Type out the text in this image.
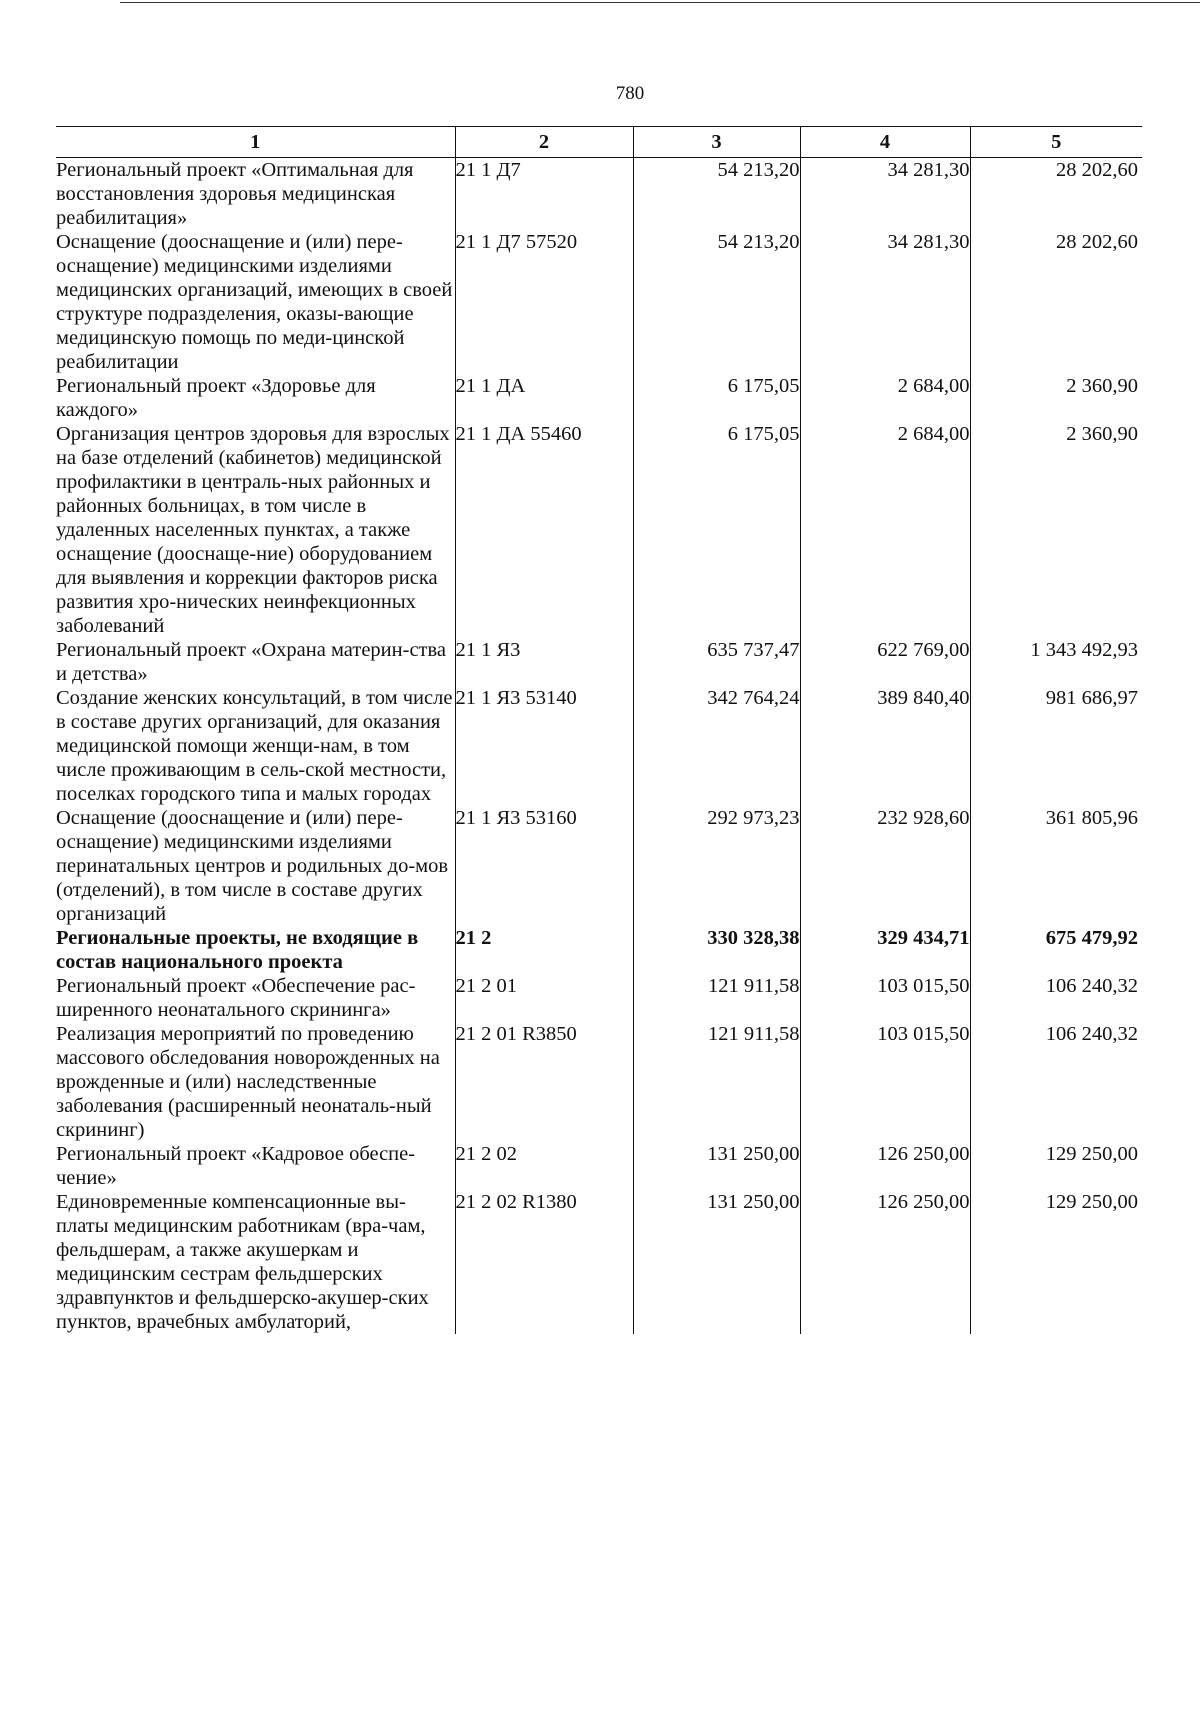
780
1	2	3	4	5
Региональный проект «Оптимальная для восстановления здоровья медицинская реабилитация»	21 1 Д7	54 213,20	34 281,30	28 202,60
Оснащение (дооснащение и (или) пере-оснащение) медицинскими изделиями медицинских организаций, имеющих в своей структуре подразделения, оказы-вающие медицинскую помощь по меди-цинской реабилитации	21 1 Д7 57520	54 213,20	34 281,30	28 202,60
Региональный проект «Здоровье для каждого»	21 1 ДА	6 175,05	2 684,00	2 360,90
Организация центров здоровья для взрослых на базе отделений (кабинетов) медицинской профилактики в централь-ных районных и районных больницах, в том числе в удаленных населенных пунктах, а также оснащение (дооснаще-ние) оборудованием для выявления и коррекции факторов риска развития хро-нических неинфекционных заболеваний	21 1 ДА 55460	6 175,05	2 684,00	2 360,90
Региональный проект «Охрана материн-ства и детства»	21 1 Я3	635 737,47	622 769,00	1 343 492,93
Создание женских консультаций, в том числе в составе других организаций, для оказания медицинской помощи женщи-нам, в том числе проживающим в сель-ской местности, поселках городского типа и малых городах	21 1 Я3 53140	342 764,24	389 840,40	981 686,97
Оснащение (дооснащение и (или) пере-оснащение) медицинскими изделиями перинатальных центров и родильных до-мов (отделений), в том числе в составе других организаций	21 1 Я3 53160	292 973,23	232 928,60	361 805,96
Региональные проекты, не входящие в состав национального проекта	21 2	330 328,38	329 434,71	675 479,92
Региональный проект «Обеспечение рас-ширенного неонатального скрининга»	21 2 01	121 911,58	103 015,50	106 240,32
Реализация мероприятий по проведению массового обследования новорожденных на врожденные и (или) наследственные заболевания (расширенный неонаталь-ный скрининг)	21 2 01 R3850	121 911,58	103 015,50	106 240,32
Региональный проект «Кадровое обеспе-чение»	21 2 02	131 250,00	126 250,00	129 250,00
Единовременные компенсационные вы-платы медицинским работникам (вра-чам, фельдшерам, а также акушеркам и медицинским сестрам фельдшерских здравпунктов и фельдшерско-акушер-ских пунктов, врачебных амбулаторий,	21 2 02 R1380	131 250,00	126 250,00	129 250,00
